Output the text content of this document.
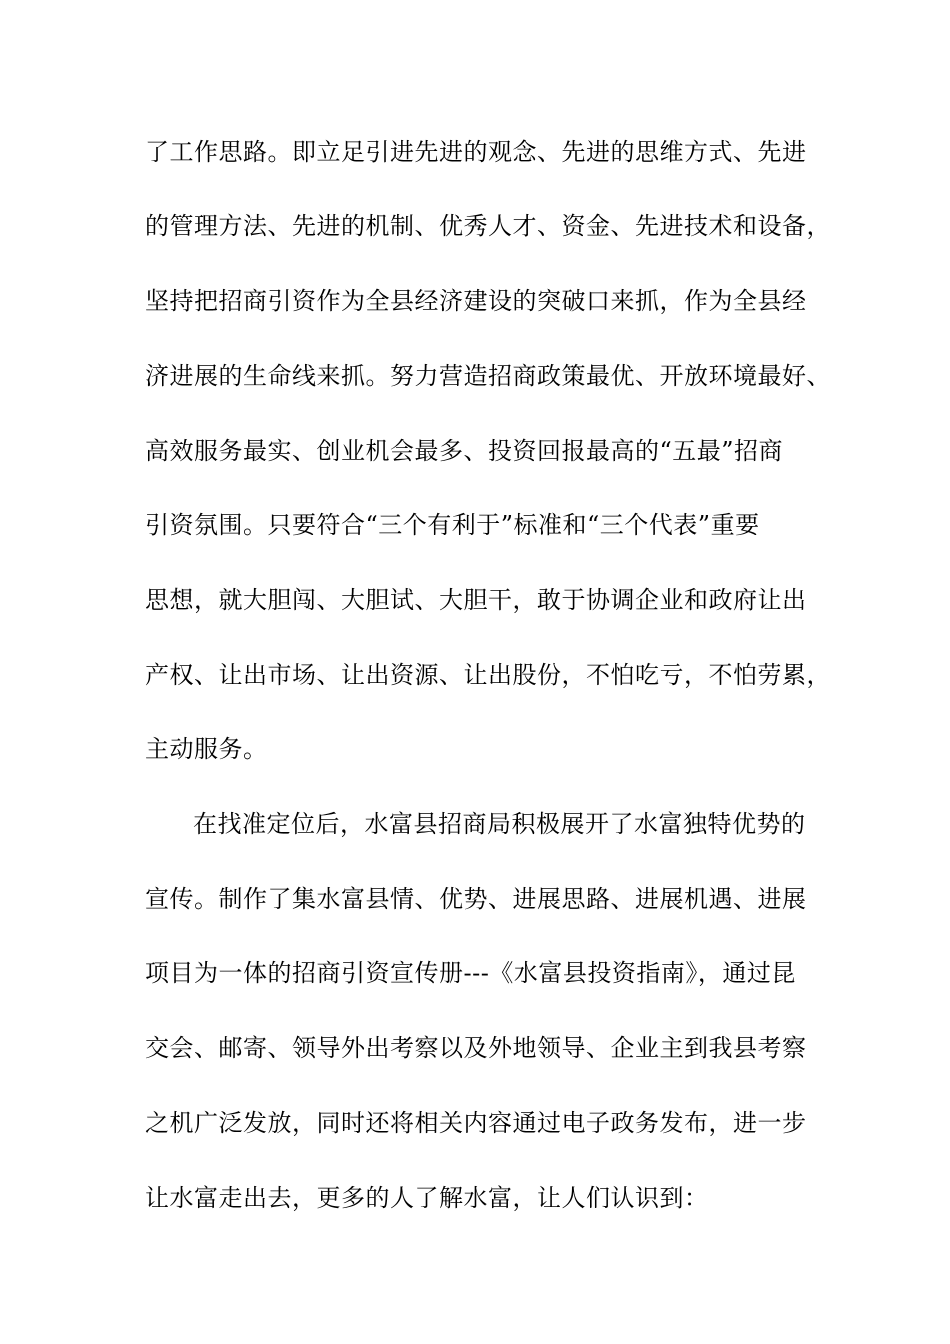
了工作思路。即立足引进先进的观念、先进的思维方式、先进
的管理方法、先进的机制、优秀人才、资金、先进技术和设备，
坚持把招商引资作为全县经济建设的突破口来抓，作为全县经
济进展的生命线来抓。努力营造招商政策最优、开放环境最好、
高效服务最实、创业机会最多、投资回报最高的“五最”招商
引资氛围。只要符合“三个有利于”标准和“三个代表”重要
思想，就大胆闯、大胆试、大胆干，敢于协调企业和政府让出
产权、让出市场、让出资源、让出股份，不怕吃亏，不怕劳累，
主动服务。
在找准定位后，水富县招商局积极展开了水富独特优势的
宣传。制作了集水富县情、优势、进展思路、进展机遇、进展
项目为一体的招商引资宣传册---《水富县投资指南》，通过昆
交会、邮寄、领导外出考察以及外地领导、企业主到我县考察
之机广泛发放，同时还将相关内容通过电子政务发布，进一步
让水富走出去，更多的人了解水富，让人们认识到：
